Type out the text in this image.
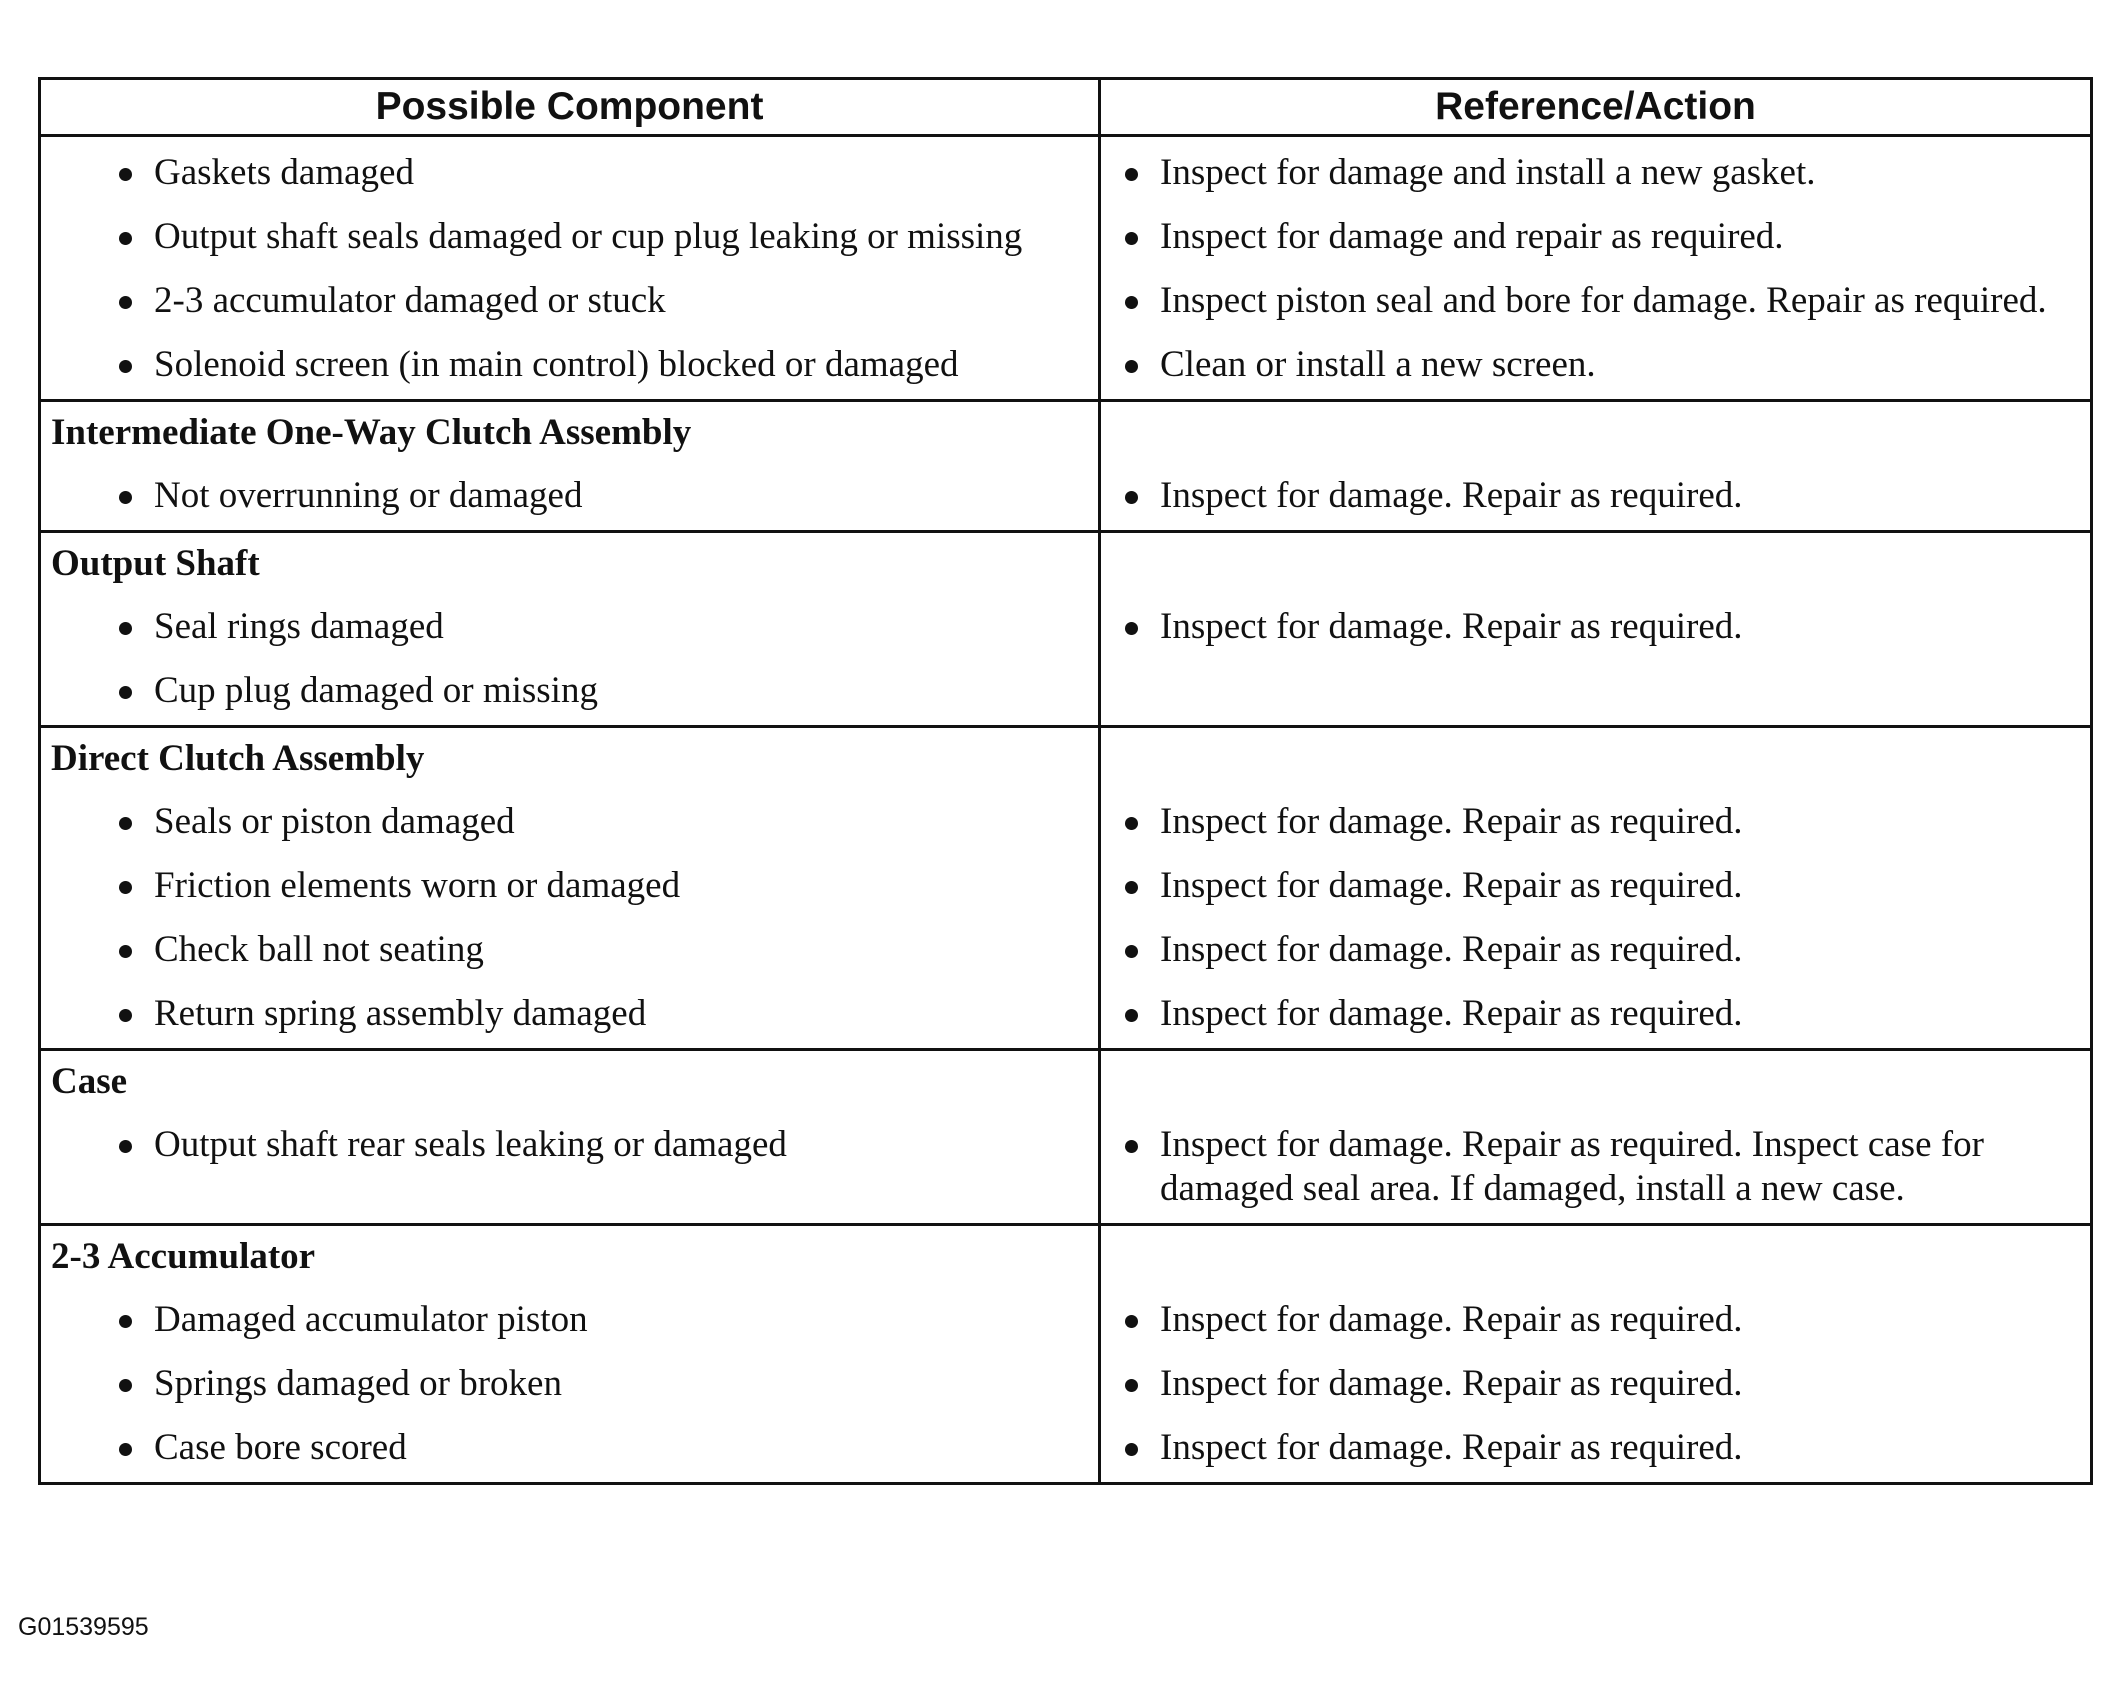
Possible Component	Reference/Action

Gaskets damaged	Inspect for damage and install a new gasket.

Output shaft seals damaged or cup plug leaking or missing	Inspect for damage and repair as required.

2-3 accumulator damaged or stuck	Inspect piston seal and bore for damage. Repair as required.

Solenoid screen (in main control) blocked or damaged	Clean or install a new screen.

Intermediate One-Way Clutch Assembly	

Not overrunning or damaged	Inspect for damage. Repair as required.

Output Shaft	

Seal rings damaged	Inspect for damage. Repair as required.

Cup plug damaged or missing	

Direct Clutch Assembly	

Seals or piston damaged	Inspect for damage. Repair as required.

Friction elements worn or damaged	Inspect for damage. Repair as required.

Check ball not seating	Inspect for damage. Repair as required.

Return spring assembly damaged	Inspect for damage. Repair as required.

Case	

Output shaft rear seals leaking or damaged	Inspect for damage. Repair as required. Inspect case for damaged seal area. If damaged, install a new case.

2-3 Accumulator	

Damaged accumulator piston	Inspect for damage. Repair as required.

Springs damaged or broken	Inspect for damage. Repair as required.

Case bore scored	Inspect for damage. Repair as required.
G01539595
